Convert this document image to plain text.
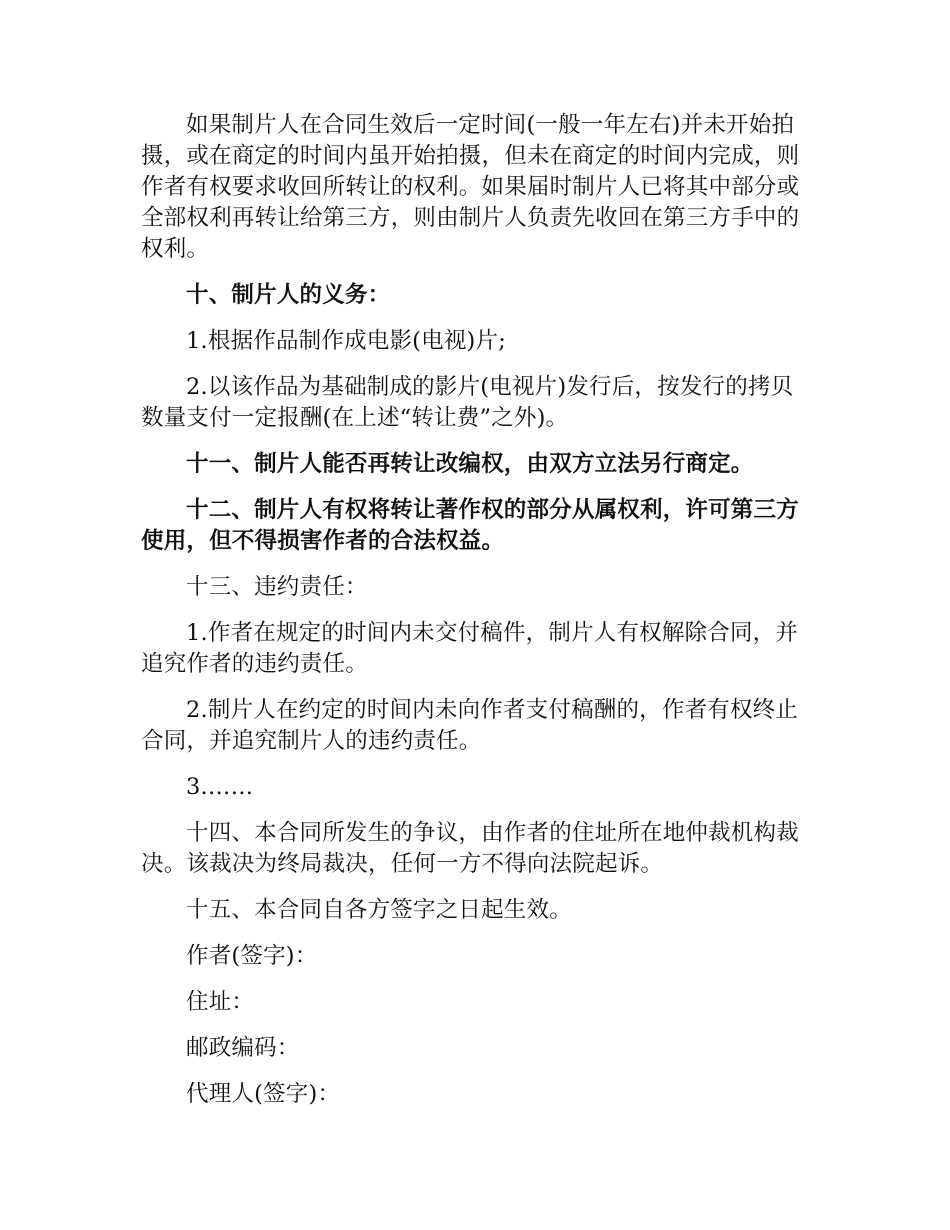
如果制片人在合同生效后一定时间(一般一年左右)并未开始拍摄，或在商定的时间内虽开始拍摄，但未在商定的时间内完成，则作者有权要求收回所转让的权利。如果届时制片人已将其中部分或全部权利再转让给第三方，则由制片人负责先收回在第三方手中的权利。

十、制片人的义务：

1.根据作品制作成电影(电视)片;

2.以该作品为基础制成的影片(电视片)发行后，按发行的拷贝数量支付一定报酬(在上述“转让费”之外)。

十一、制片人能否再转让改编权，由双方立法另行商定。

十二、制片人有权将转让著作权的部分从属权利，许可第三方使用，但不得损害作者的合法权益。

十三、违约责任：

1.作者在规定的时间内未交付稿件，制片人有权解除合同，并追究作者的违约责任。

2.制片人在约定的时间内未向作者支付稿酬的，作者有权终止合同，并追究制片人的违约责任。

3.……

十四、本合同所发生的争议，由作者的住址所在地仲裁机构裁决。该裁决为终局裁决，任何一方不得向法院起诉。

十五、本合同自各方签字之日起生效。

作者(签字)：

住址：

邮政编码：

代理人(签字)：
